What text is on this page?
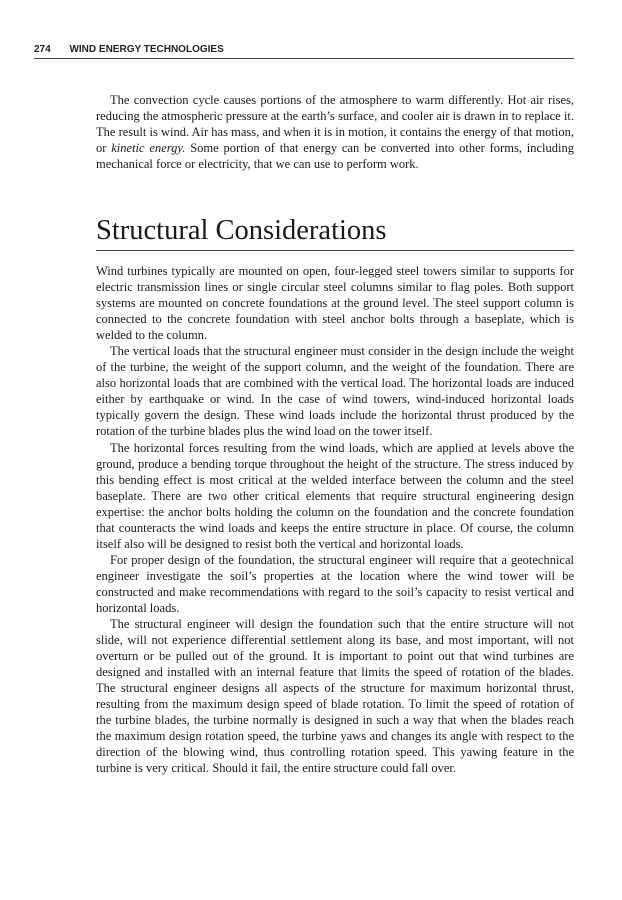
274 WIND ENERGY TECHNOLOGIES

The convection cycle causes portions of the atmosphere to warm differently. Hot air rises, reducing the atmospheric pressure at the earth’s surface, and cooler air is drawn in to replace it. The result is wind. Air has mass, and when it is in motion, it contains the energy of that motion, or kinetic energy. Some portion of that energy can be converted into other forms, including mechanical force or electricity, that we can use to perform work.

Structural Considerations

Wind turbines typically are mounted on open, four-legged steel towers similar to supports for electric transmission lines or single circular steel columns similar to flag poles. Both support systems are mounted on concrete foundations at the ground level. The steel support column is connected to the concrete foundation with steel anchor bolts through a baseplate, which is welded to the column.

The vertical loads that the structural engineer must consider in the design include the weight of the turbine, the weight of the support column, and the weight of the foundation. There are also horizontal loads that are combined with the vertical load. The horizontal loads are induced either by earthquake or wind. In the case of wind towers, wind-induced horizontal loads typically govern the design. These wind loads include the horizontal thrust produced by the rotation of the turbine blades plus the wind load on the tower itself.

The horizontal forces resulting from the wind loads, which are applied at levels above the ground, produce a bending torque throughout the height of the structure. The stress induced by this bending effect is most critical at the welded interface between the column and the steel baseplate. There are two other critical elements that require structural engineering design expertise: the anchor bolts holding the column on the foundation and the concrete foundation that counteracts the wind loads and keeps the entire structure in place. Of course, the column itself also will be designed to resist both the vertical and horizontal loads.

For proper design of the foundation, the structural engineer will require that a geotechnical engineer investigate the soil’s properties at the location where the wind tower will be constructed and make recommendations with regard to the soil’s capacity to resist vertical and horizontal loads.

The structural engineer will design the foundation such that the entire structure will not slide, will not experience differential settlement along its base, and most important, will not overturn or be pulled out of the ground. It is important to point out that wind turbines are designed and installed with an internal feature that limits the speed of rotation of the blades. The structural engineer designs all aspects of the structure for maximum horizontal thrust, resulting from the maximum design speed of blade rotation. To limit the speed of rotation of the turbine blades, the turbine normally is designed in such a way that when the blades reach the maximum design rotation speed, the turbine yaws and changes its angle with respect to the direction of the blowing wind, thus controlling rotation speed. This yawing feature in the turbine is very critical. Should it fail, the entire structure could fall over.
